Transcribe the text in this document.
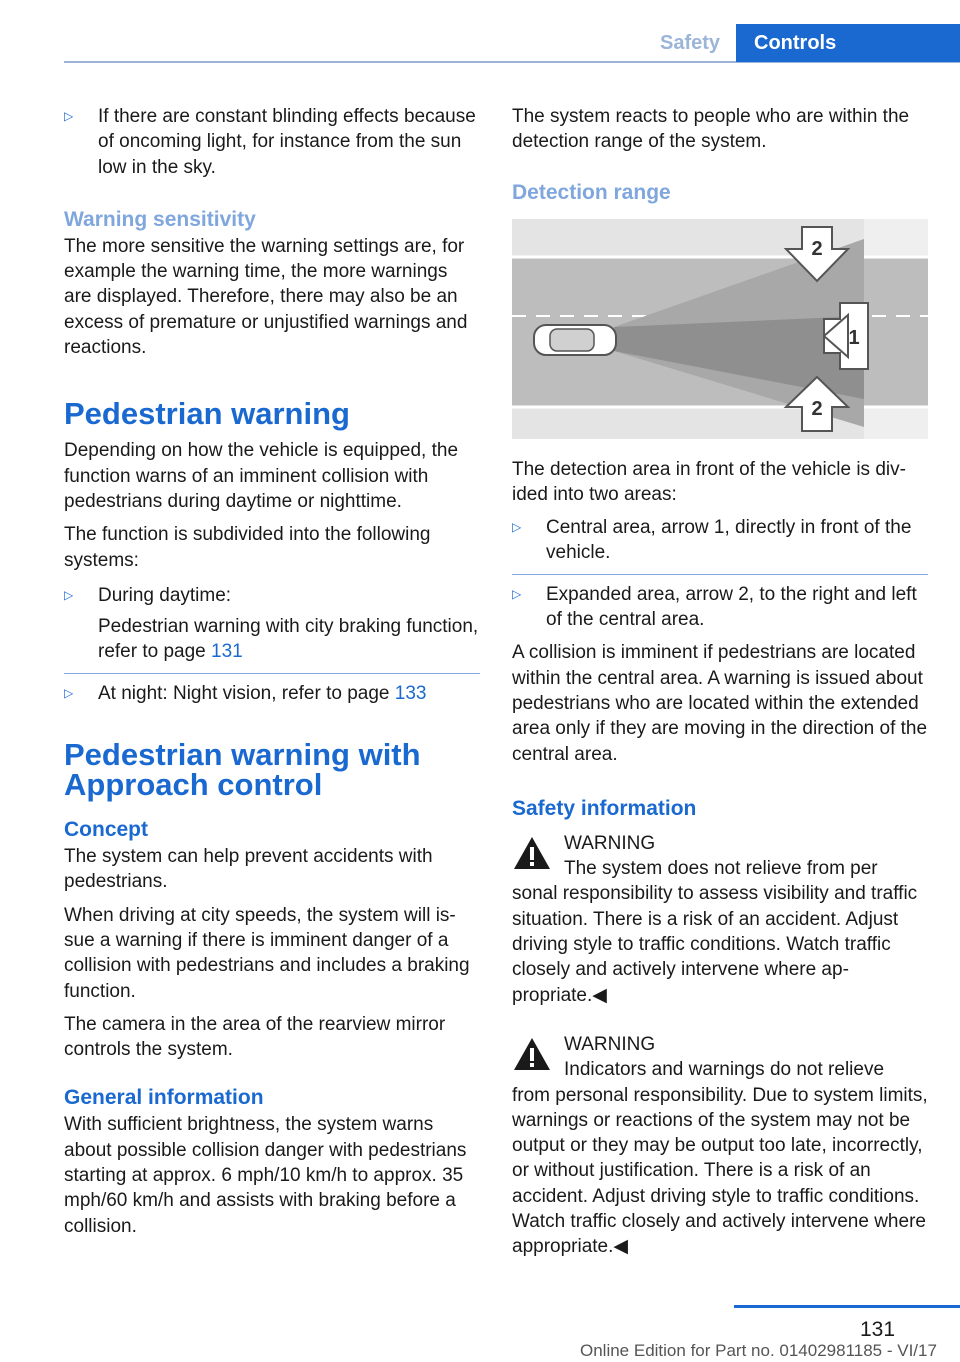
Safety	Controls
▷	If there are constant blinding effects because of oncoming light, for instance from the sun low in the sky.
Warning sensitivity

The more sensitive the warning settings are, for example the warning time, the more warnings are displayed. Therefore, there may also be an excess of premature or unjustified warnings and reactions.

Pedestrian warning

Depending on how the vehicle is equipped, the function warns of an imminent collision with pedestrians during daytime or nighttime.

The function is subdivided into the following systems:

▷	During daytime:

Pedestrian warning with city braking function, refer to page 131
▷	At night: Night vision, refer to page 133
Pedestrian warning with Approach control
Concept

The system can help prevent accidents with pedestrians.

When driving at city speeds, the system will issue a warning if there is imminent danger of a collision with pedestrians and includes a braking function.

The camera in the area of the rearview mirror controls the system.

General information

With sufficient brightness, the system warns about possible collision danger with pedestrians starting at approx. 6 mph/10 km/h to approx. 35 mph/60 km/h and assists with braking before a collision.

The system reacts to people who are within the detection range of the system.

Detection range
2
1
2

The detection area in front of the vehicle is divided into two areas:

▷	Central area, arrow 1, directly in front of the vehicle.
▷	Expanded area, arrow 2, to the right and left of the central area.

A collision is imminent if pedestrians are located within the central area. A warning is issued about pedestrians who are located within the extended area only if they are moving in the direction of the central area.

Safety information
WARNING
The system does not relieve from per

sonal responsibility to assess visibility and traffic situation. There is a risk of an accident. Adjust driving style to traffic conditions. Watch traffic closely and actively intervene where appropriate.◀

WARNING
Indicators and warnings do not relieve

from personal responsibility. Due to system limits, warnings or reactions of the system may not be output or they may be output too late, incorrectly, or without justification. There is a risk of an accident. Adjust driving style to traffic conditions. Watch traffic closely and actively intervene where appropriate.◀

131
Online Edition for Part no. 01402981185 - VI/17
